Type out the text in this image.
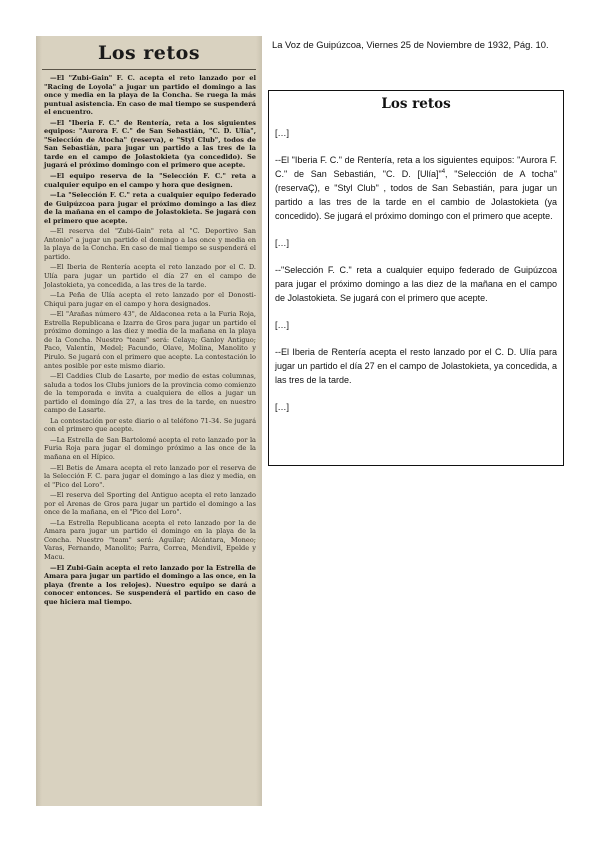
Los retos

—El "Zubi-Gain" F. C. acepta el reto lanzado por el "Racing de Loyola" a jugar un partido el domingo a las once y media en la playa de la Concha. Se ruega la más puntual asistencia. En caso de mal tiempo se suspenderá el encuentro.

—El "Iberia F. C." de Rentería, reta a los siguientes equipos: "Aurora F. C." de San Sebastián, "C. D. Ulía", "Selección de Atocha" (reserva), e "Styl Club", todos de San Sebastián, para jugar un partido a las tres de la tarde en el campo de Jolastokieta (ya concedido). Se jugará el próximo domingo con el primero que acepte.

—El equipo reserva de la "Selección F. C." reta a cualquier equipo en el campo y hora que designen.

—La "Selección F. C." reta a cualquier equipo federado de Guipúzcoa para jugar el próximo domingo a las diez de la mañana en el campo de Jolastokieta. Se jugará con el primero que acepte.

—El reserva del "Zubi-Gain" reta al "C. Deportivo San Antonio" a jugar un partido el domingo a las once y media en la playa de la Concha. En caso de mal tiempo se suspenderá el partido.

—El Iberia de Rentería acepta el reto lanzado por el C. D. Ulía para jugar un partido el día 27 en el campo de Jolastokieta, ya concedida, a las tres de la tarde.

—La Peña de Ulía acepta el reto lanzado por el Donosti-Chiqui para jugar en el campo y hora designados.

—El "Arañas número 43", de Aldaconea reta a la Furia Roja, Estrella Republicana e Izarra de Gros para jugar un partido el próximo domingo a las diez y media de la mañana en la playa de la Concha. Nuestro "team" será: Celaya; Ganloy Antiguo; Paco, Valentín, Medel; Facundo, Olave, Molina, Manolito y Pirulo. Se jugará con el primero que acepte. La contestación lo antes posible por este mismo diario.

—El Caddies Club de Lasarte, por medio de estas columnas, saluda a todos los Clubs juniors de la provincia como comienzo de la temporada e invita a cualquiera de ellos a jugar un partido el domingo día 27, a las tres de la tarde, en nuestro campo de Lasarte.

La contestación por este diario o al teléfono 71-34. Se jugará con el primero que acepte.

—La Estrella de San Bartolomé acepta el reto lanzado por la Furia Roja para jugar el domingo próximo a las once de la mañana en el Hípico.

—El Betis de Amara acepta el reto lanzado por el reserva de la Selección F. C. para jugar el domingo a las diez y media, en el "Pico del Loro".

—El reserva del Sporting del Antiguo acepta el reto lanzado por el Arenas de Gros para jugar un partido el domingo a las once de la mañana, en el "Pico del Loro".

—La Estrella Republicana acepta el reto lanzado por la de Amara para jugar un partido el domingo en la playa de la Concha. Nuestro "team" será: Aguilar; Alcántara, Moneo; Varas, Fernando, Manolito; Parra, Correa, Mendivil, Epelde y Macu.

—El Zubi-Gain acepta el reto lanzado por la Estrella de Amara para jugar un partido el domingo a las once, en la playa (frente a los relojes). Nuestro equipo se dará a conocer entonces. Se suspenderá el partido en caso de que hiciera mal tiempo.

La Voz de Guipúzcoa, Viernes 25 de Noviembre de 1932, Pág. 10.

Los retos

[…]

--El "Iberia F. C." de Rentería, reta a los siguientes equipos: "Aurora F. C." de San Sebastián, "C. D. [Ulía]"$^4$, "Selección de A tocha" (reservaÇ), e "Styl Club" , todos de San Sebastián, para jugar un partido a las tres de la tarde en el cambio de Jolastokieta (ya concedido). Se jugará el próximo domingo con el primero que acepte.

[…]

--"Selección F. C." reta a cualquier equipo federado de Guipúzcoa para jugar el próximo domingo a las diez de la mañana en el campo de Jolastokieta. Se jugará con el primero que acepte.

[…]

--El Iberia de Rentería acepta el resto lanzado por el C. D. Ulía para jugar un partido el día 27 en el campo de Jolastokieta, ya concedida, a las tres de la tarde.

[…]
